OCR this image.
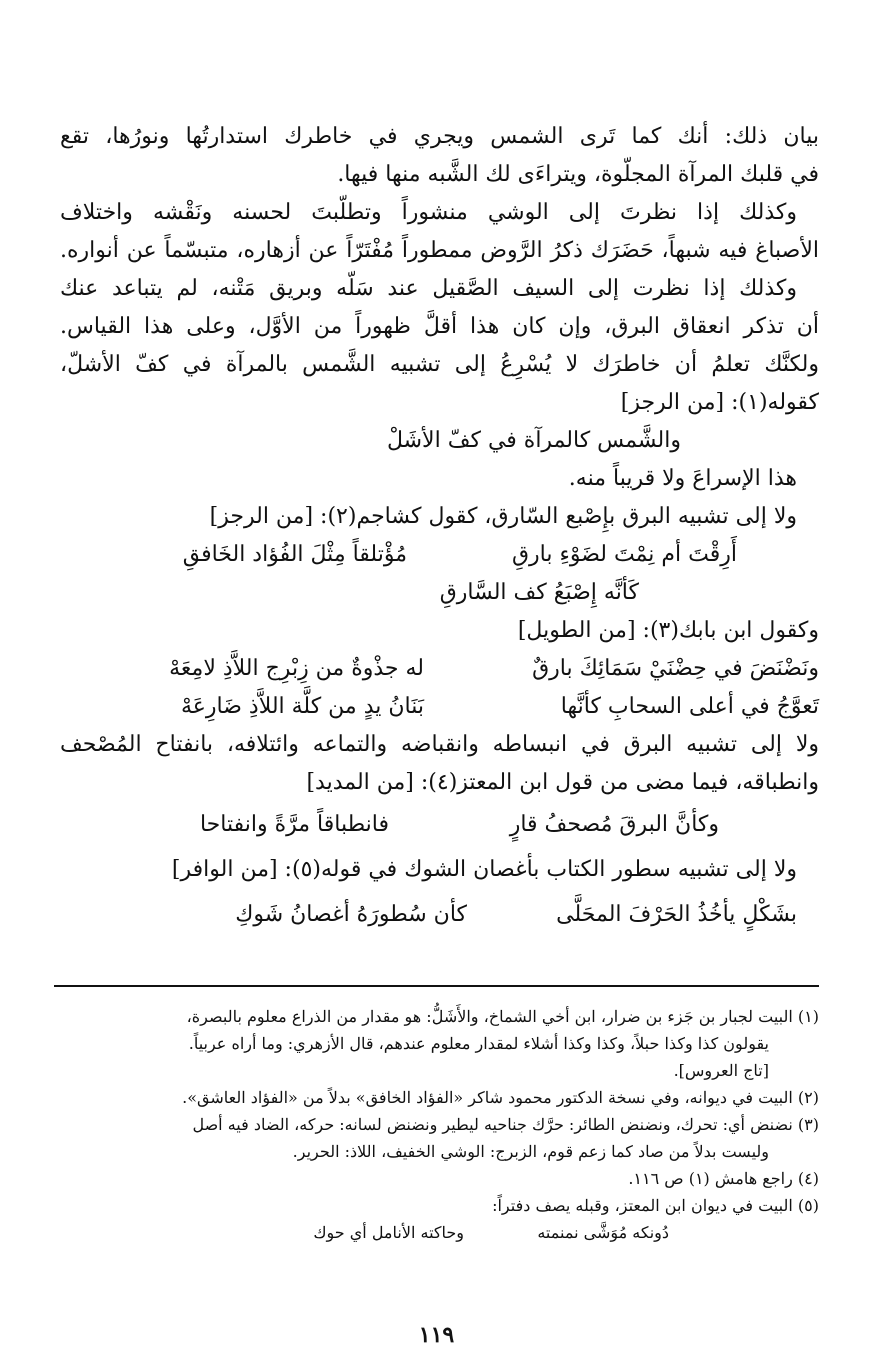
بيان ذلك: أنك كما تَرى الشمس ويجري في خاطرك استدارتُها ونورُها، تقع
في قلبك المرآة المجلّوة، ويتراءَى لك الشَّبه منها فيها.
وكذلك إذا نظرتَ إلى الوشي منشوراً وتطلّبتَ لحسنه ونَقْشه واختلاف
الأصباغ فيه شبهاً، حَضَرَك ذكرُ الرَّوض ممطوراً مُفْتَرّاً عن أزهاره، متبسّماً عن أنواره.
وكذلك إذا نظرت إلى السيف الصَّقيل عند سَلّه وبريق مَتْنه، لم يتباعد عنك
أن تذكر انعقاق البرق، وإن كان هذا أقلَّ ظهوراً من الأوَّل، وعلى هذا القياس.
ولكنَّك تعلمُ أن خاطرَك لا يُسْرِعُ إلى تشبيه الشَّمس بالمرآة في كفّ الأشلّ،
كقوله(١): [من الرجز]
والشَّمس كالمرآة في كفّ الأشَلْ
هذا الإسراعَ ولا قريباً منه.
ولا إلى تشبيه البرق بإِصْبع السّارق، كقول كشاجم(٢): [من الرجز]
أَرِقْتَ أم نِمْتَ لضَوْءِ بارقِ
مُؤْتلقاً مِثْلَ الفُؤاد الخَافقِ
كَأنَّه إِصْبَعُ كف السَّارقِ
وكقول ابن بابك(٣): [من الطويل]
ونَضْنَضَ في حِضْنَيْ سَمَائِكَ بارقٌ
له جذْوةٌ من زِبْرِج اللاَّذِ لامِعَهْ
تَعوَّجُ في أعلى السحابِ كأنَّها
بَنَانُ يدٍ من كلَّة اللاَّذِ ضَارِعَهْ
ولا إلى تشبيه البرق في انبساطه وانقباضه والتماعه وائتلافه، بانفتاح المُصْحف
وانطباقه، فيما مضى من قول ابن المعتز(٤): [من المديد]
وكأنَّ البرقَ مُصحفُ قارٍ
فانطباقاً مرَّةً وانفتاحا
ولا إلى تشبيه سطور الكتاب بأغصان الشوك في قوله(٥): [من الوافر]
بشَكْلٍ يأخُذُ الحَرْفَ المحَلَّى
كأن سُطورَهُ أغصانُ شَوكِ
(١) البيت لجبار بن جَزء بن ضرار، ابن أخي الشماخ، والأَشَلُّ: هو مقدار من الذراع معلوم بالبصرة،
يقولون كذا وكذا حبلاً، وكذا وكذا أشلاء لمقدار معلوم عندهم، قال الأزهري: وما أراه عربياً.
[تاج العروس].
(٢) البيت في ديوانه، وفي نسخة الدكتور محمود شاكر «الفؤاد الخافق» بدلاً من «الفؤاد العاشق».
(٣) نضنض أي: تحرك، ونضنض الطائر: حرَّك جناحيه ليطير ونضنض لسانه: حركه، الضاد فيه أصل
وليست بدلاً من صاد كما زعم قوم، الزبرج: الوشي الخفيف، اللاذ: الحرير.
(٤) راجع هامش (١) ص ١١٦.
(٥) البيت في ديوان ابن المعتز، وقبله يصف دفتراً:
دُونكه مُوَشَّى نمنمته
وحاكته الأنامل أي حوك
١١٩
